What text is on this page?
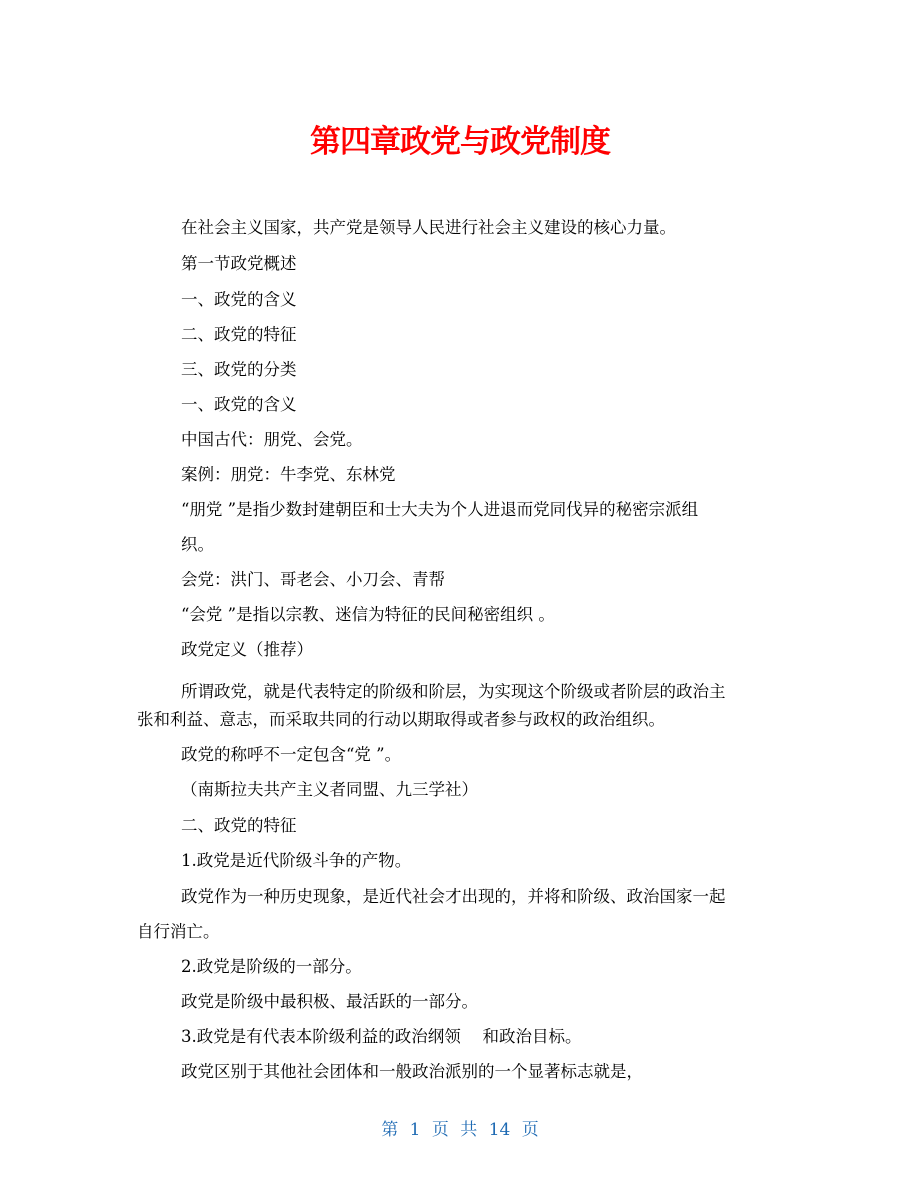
第四章政党与政党制度

在社会主义国家，共产党是领导人民进行社会主义建设的核心力量。

第一节政党概述

一、政党的含义

二、政党的特征

三、政党的分类

一、政党的含义

中国古代：朋党、会党。

案例：朋党：牛李党、东林党

“朋党 ”是指少数封建朝臣和士大夫为个人进退而党同伐异的秘密宗派组

织。

会党：洪门、哥老会、小刀会、青帮

“会党 ”是指以宗教、迷信为特征的民间秘密组织 。

政党定义（推荐）

所谓政党，就是代表特定的阶级和阶层，为实现这个阶级或者阶层的政治主

张和利益、意志，而采取共同的行动以期取得或者参与政权的政治组织。

政党的称呼不一定包含“党 ”。

（南斯拉夫共产主义者同盟、九三学社）

二、政党的特征

1.政党是近代阶级斗争的产物。

政党作为一种历史现象，是近代社会才出现的，并将和阶级、政治国家一起

自行消亡。

2.政党是阶级的一部分。

政党是阶级中最积极、最活跃的一部分。

3.政党是有代表本阶级利益的政治纲领　 和政治目标。

政党区别于其他社会团体和一般政治派别的一个显著标志就是，

第 1 页 共 14 页
